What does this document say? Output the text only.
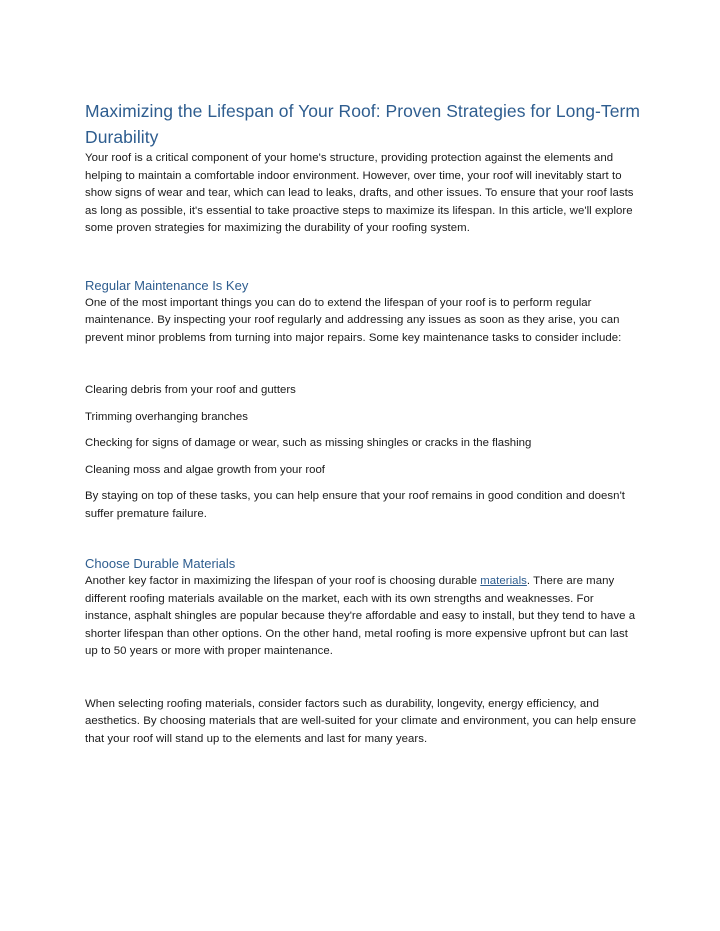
Maximizing the Lifespan of Your Roof: Proven Strategies for Long-Term Durability

Your roof is a critical component of your home's structure, providing protection against the elements and helping to maintain a comfortable indoor environment. However, over time, your roof will inevitably start to show signs of wear and tear, which can lead to leaks, drafts, and other issues. To ensure that your roof lasts as long as possible, it's essential to take proactive steps to maximize its lifespan. In this article, we'll explore some proven strategies for maximizing the durability of your roofing system.

Regular Maintenance Is Key

One of the most important things you can do to extend the lifespan of your roof is to perform regular maintenance. By inspecting your roof regularly and addressing any issues as soon as they arise, you can prevent minor problems from turning into major repairs. Some key maintenance tasks to consider include:

Clearing debris from your roof and gutters

Trimming overhanging branches

Checking for signs of damage or wear, such as missing shingles or cracks in the flashing

Cleaning moss and algae growth from your roof

By staying on top of these tasks, you can help ensure that your roof remains in good condition and doesn't suffer premature failure.

Choose Durable Materials

Another key factor in maximizing the lifespan of your roof is choosing durable materials. There are many different roofing materials available on the market, each with its own strengths and weaknesses. For instance, asphalt shingles are popular because they're affordable and easy to install, but they tend to have a shorter lifespan than other options. On the other hand, metal roofing is more expensive upfront but can last up to 50 years or more with proper maintenance.

When selecting roofing materials, consider factors such as durability, longevity, energy efficiency, and aesthetics. By choosing materials that are well-suited for your climate and environment, you can help ensure that your roof will stand up to the elements and last for many years.
